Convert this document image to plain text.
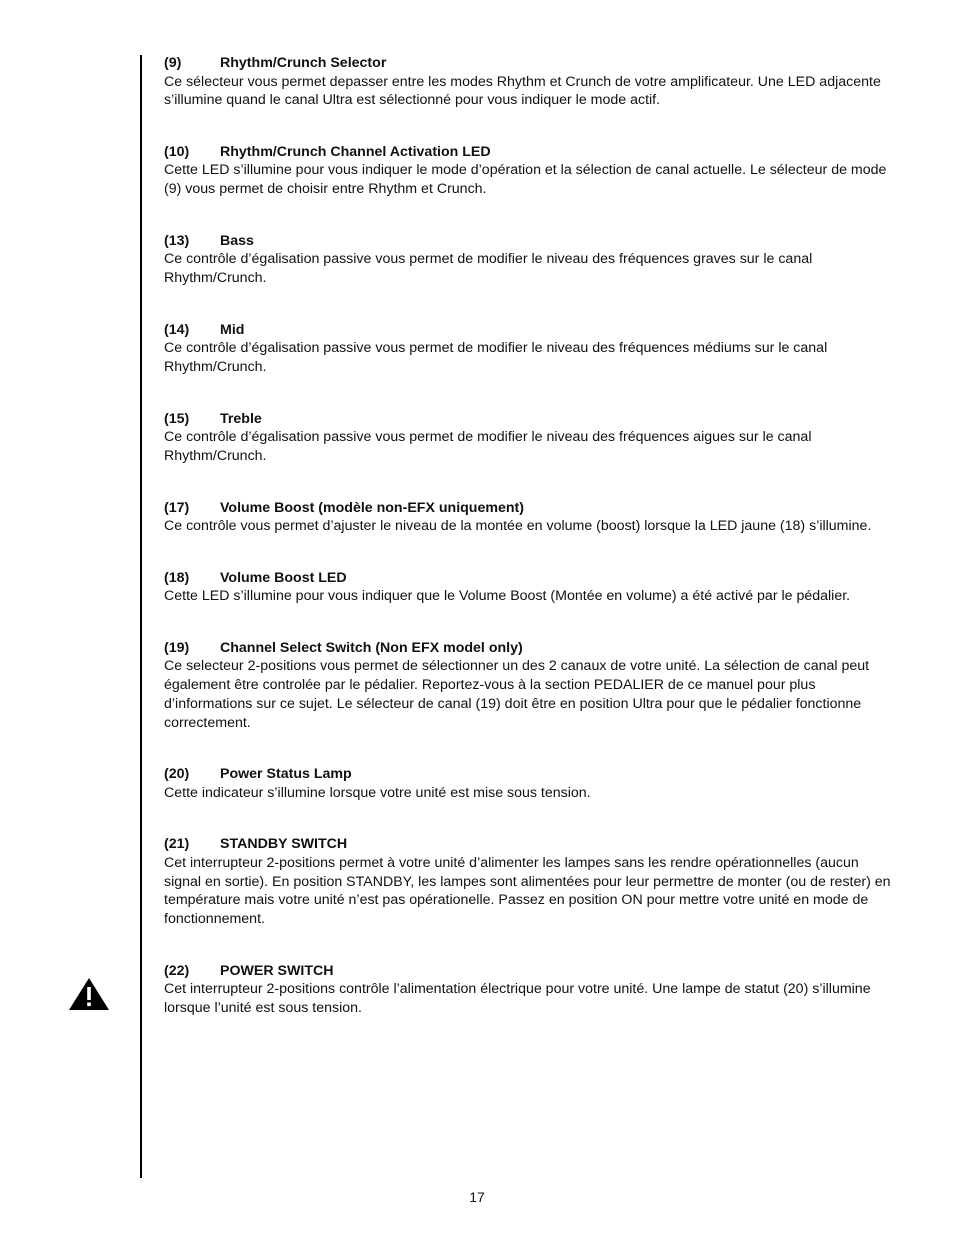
(9)	Rhythm/Crunch Selector
Ce sélecteur vous permet depasser entre les modes Rhythm et Crunch de votre amplificateur. Une LED adjacente s’illumine quand le canal Ultra est sélectionné pour vous indiquer le mode actif.
(10) Rhythm/Crunch Channel Activation LED
Cette LED s’illumine pour vous indiquer le mode d’opération et la sélection de canal actuelle. Le sélecteur de mode (9) vous permet de choisir entre Rhythm et Crunch.
(13) Bass
Ce contrôle d’égalisation passive vous permet de modifier le niveau des fréquences graves sur le canal Rhythm/Crunch.
(14) Mid
Ce contrôle d’égalisation passive vous permet de modifier le niveau des fréquences médiums sur le canal Rhythm/Crunch.
(15) Treble
Ce contrôle d’égalisation passive vous permet de modifier le niveau des fréquences aigues sur le canal Rhythm/Crunch.
(17) Volume Boost (modèle non-EFX uniquement)
Ce contrôle vous permet d’ajuster le niveau de la montée en volume (boost) lorsque la LED jaune (18) s’illumine.
(18) Volume Boost LED
Cette LED s’illumine pour vous indiquer que le Volume Boost (Montée en volume) a été activé par le pédalier.
(19) Channel Select Switch (Non EFX model only)
Ce selecteur 2-positions vous permet de sélectionner un des 2 canaux de votre unité. La sélection de canal peut également être controlée par le pédalier. Reportez-vous à la section PEDALIER de ce manuel pour plus d’informations sur ce sujet. Le sélecteur de canal (19) doit être en position Ultra pour que le pédalier fonctionne correctement.
(20) Power Status Lamp
Cette indicateur s’illumine lorsque votre unité est mise sous tension.
(21) STANDBY SWITCH
Cet interrupteur 2-positions permet à votre unité d’alimenter les lampes sans les rendre opérationnelles (aucun signal en sortie). En position STANDBY, les lampes sont alimentées pour leur permettre de monter (ou de rester) en température mais votre unité n’est pas opérationelle. Passez en position ON pour mettre votre unité en mode de fonctionnement.
(22) POWER SWITCH
Cet interrupteur 2-positions contrôle l’alimentation électrique pour votre unité. Une lampe de statut (20) s’illumine lorsque l’unité est sous tension.
17
